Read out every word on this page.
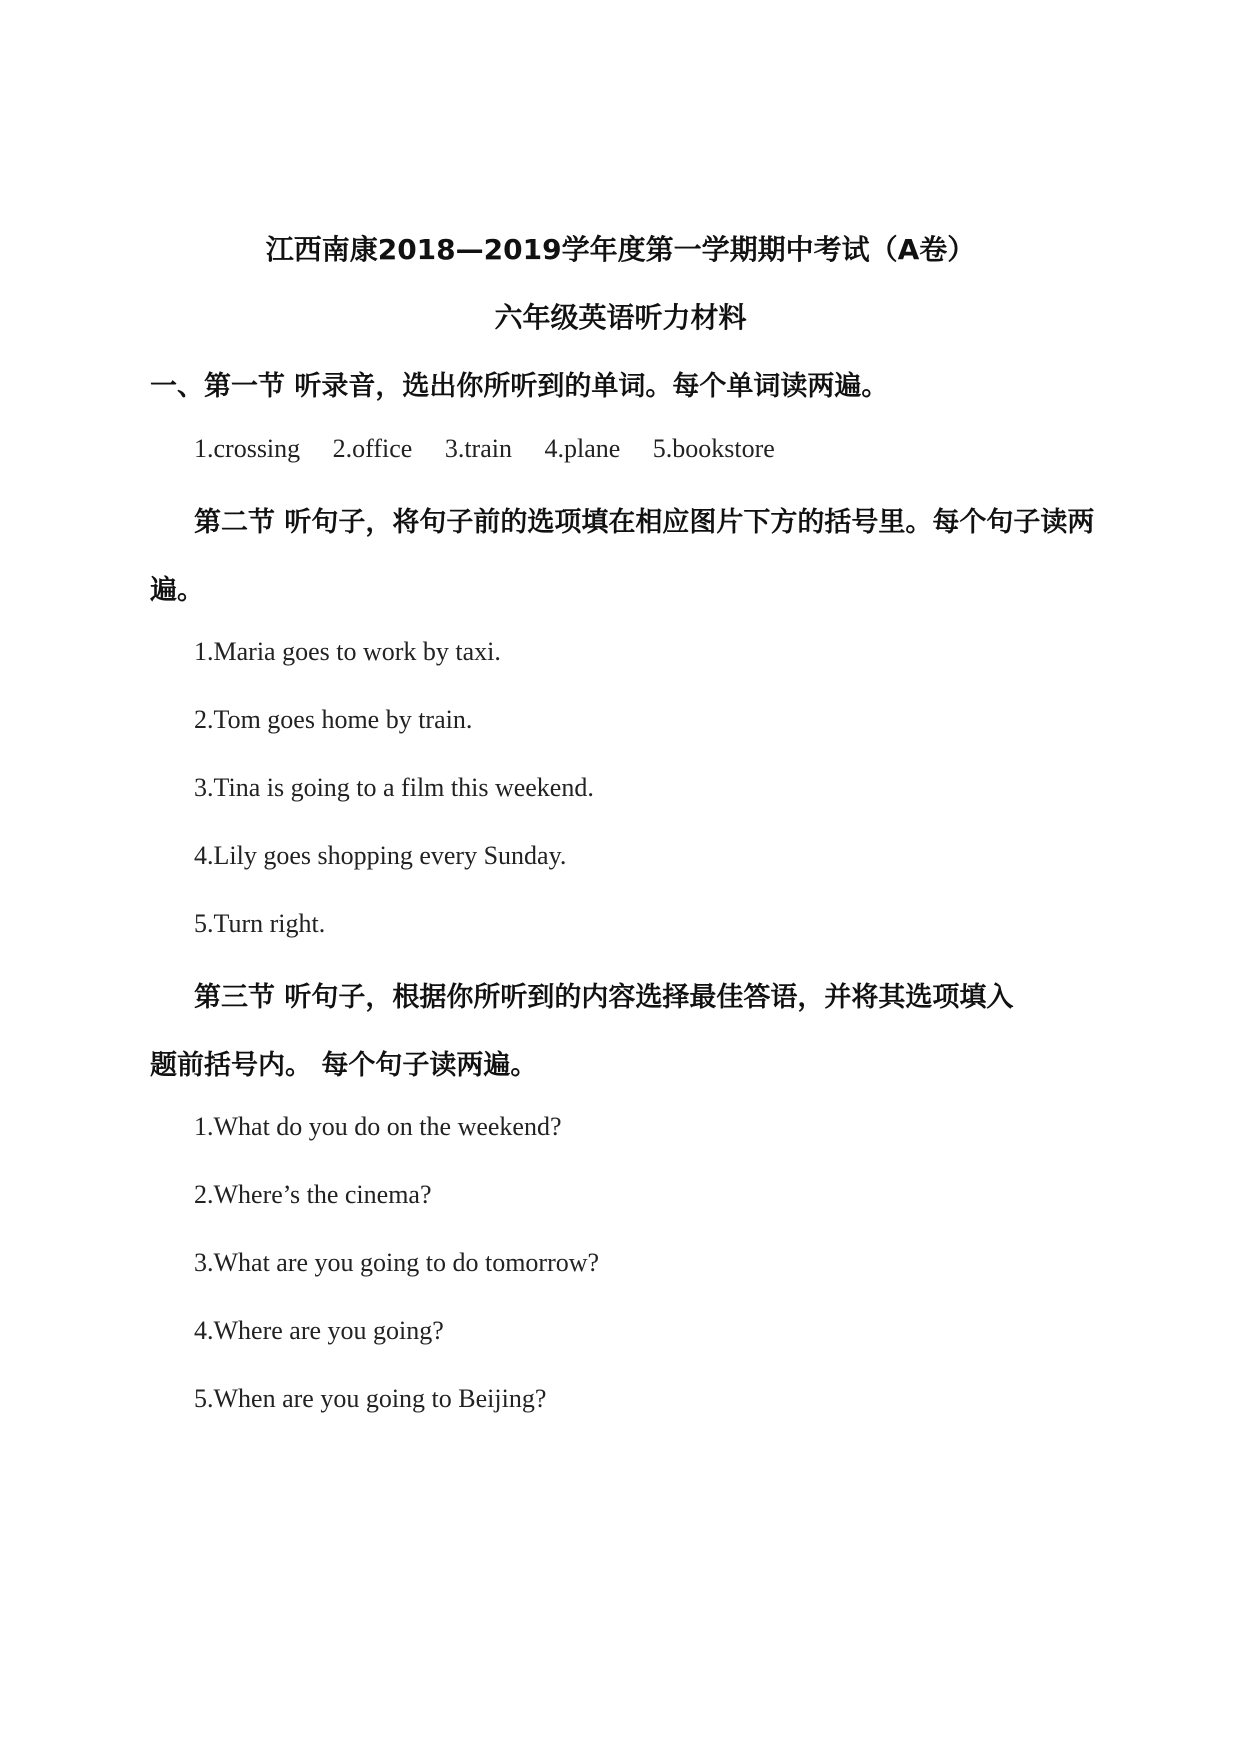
江西南康2018—2019学年度第一学期期中考试（A卷）
六年级英语听力材料
一、第一节 听录音，选出你所听到的单词。每个单词读两遍。
1.crossing 2.office 3.train 4.plane 5.bookstore
第二节 听句子，将句子前的选项填在相应图片下方的括号里。每个句子读两
遍。
1.Maria goes to work by taxi.
2.Tom goes home by train.
3.Tina is going to a film this weekend.
4.Lily goes shopping every Sunday.
5.Turn right.
第三节 听句子，根据你所听到的内容选择最佳答语，并将其选项填入
题前括号内。 每个句子读两遍。
1.What do you do on the weekend?
2.Where’s the cinema?
3.What are you going to do tomorrow?
4.Where are you going?
5.When are you going to Beijing?
